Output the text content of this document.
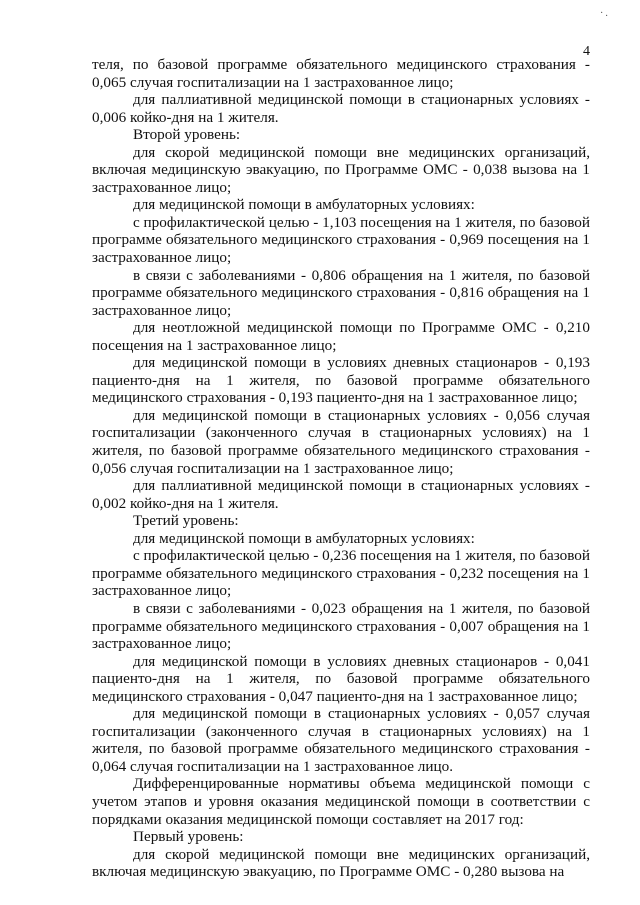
·.
4

теля, по базовой программе обязательного медицинского страхования - 0,065 случая госпитализации на 1 застрахованное лицо;

для паллиативной медицинской помощи в стационарных условиях - 0,006 койко-дня на 1 жителя.

Второй уровень:

для скорой медицинской помощи вне медицинских организаций, включая медицинскую эвакуацию, по Программе ОМС - 0,038 вызова на 1 застрахованное лицо;

для медицинской помощи в амбулаторных условиях:

с профилактической целью - 1,103 посещения на 1 жителя, по базовой программе обязательного медицинского страхования - 0,969 посещения на 1 застрахованное лицо;

в связи с заболеваниями - 0,806 обращения на 1 жителя, по базовой программе обязательного медицинского страхования - 0,816 обращения на 1 застрахованное лицо;

для неотложной медицинской помощи по Программе ОМС - 0,210 посещения на 1 застрахованное лицо;

для медицинской помощи в условиях дневных стационаров - 0,193 пациенто-дня на 1 жителя, по базовой программе обязательного медицинского страхования - 0,193 пациенто-дня на 1 застрахованное лицо;

для медицинской помощи в стационарных условиях - 0,056 случая госпитализации (законченного случая в стационарных условиях) на 1 жителя, по базовой программе обязательного медицинского страхования - 0,056 случая госпитализации на 1 застрахованное лицо;

для паллиативной медицинской помощи в стационарных условиях - 0,002 койко-дня на 1 жителя.

Третий уровень:

для медицинской помощи в амбулаторных условиях:

с профилактической целью - 0,236 посещения на 1 жителя, по базовой программе обязательного медицинского страхования - 0,232 посещения на 1 застрахованное лицо;

в связи с заболеваниями - 0,023 обращения на 1 жителя, по базовой программе обязательного медицинского страхования - 0,007 обращения на 1 застрахованное лицо;

для медицинской помощи в условиях дневных стационаров - 0,041 пациенто-дня на 1 жителя, по базовой программе обязательного медицинского страхования - 0,047 пациенто-дня на 1 застрахованное лицо;

для медицинской помощи в стационарных условиях - 0,057 случая госпитализации (законченного случая в стационарных условиях) на 1 жителя, по базовой программе обязательного медицинского страхования - 0,064 случая госпитализации на 1 застрахованное лицо.

Дифференцированные нормативы объема медицинской помощи с учетом этапов и уровня оказания медицинской помощи в соответствии с порядками оказания медицинской помощи составляет на 2017 год:

Первый уровень:

для скорой медицинской помощи вне медицинских организаций, включая медицинскую эвакуацию, по Программе ОМС - 0,280 вызова на
